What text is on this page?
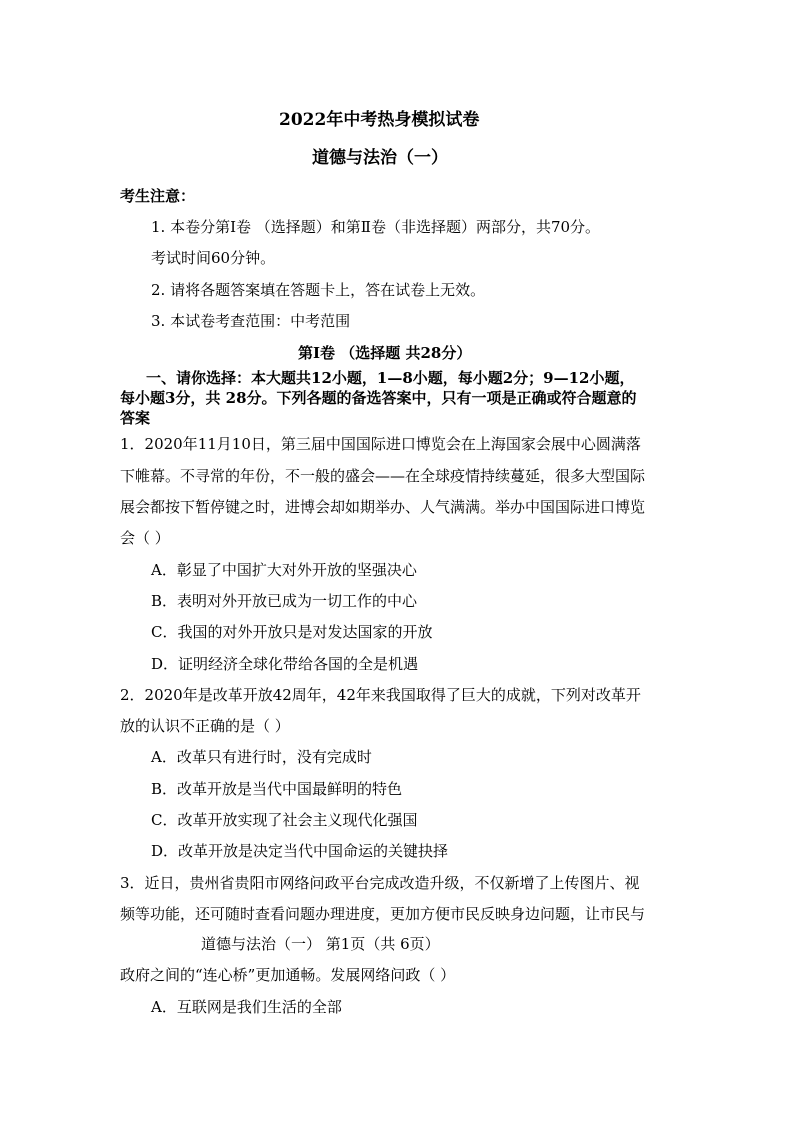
2022年中考热身模拟试卷
道德与法治（一）
考生注意：
1. 本卷分第Ⅰ卷 （选择题）和第Ⅱ卷（非选择题）两部分，共70分。
考试时间60分钟。
2. 请将各题答案填在答题卡上，答在试卷上无效。
3. 本试卷考查范围：中考范围
第Ⅰ卷 （选择题 共28分）
一、请你选择：本大题共12小题，1—8小题，每小题2分；9—12小题，
每小题3分，共 28分。下列各题的备选答案中，只有一项是正确或符合题意的
答案
1．2020年11月10日，第三届中国国际进口博览会在上海国家会展中心圆满落
下帷幕。不寻常的年份，不一般的盛会——在全球疫情持续蔓延，很多大型国际
展会都按下暂停键之时，进博会却如期举办、人气满满。举办中国国际进口博览
会（ ）
A．彰显了中国扩大对外开放的坚强决心
B．表明对外开放已成为一切工作的中心
C．我国的对外开放只是对发达国家的开放
D．证明经济全球化带给各国的全是机遇
2．2020年是改革开放42周年，42年来我国取得了巨大的成就，下列对改革开
放的认识不正确的是（ ）
A．改革只有进行时，没有完成时
B．改革开放是当代中国最鲜明的特色
C．改革开放实现了社会主义现代化强国
D．改革开放是决定当代中国命运的关键抉择
3．近日，贵州省贵阳市网络问政平台完成改造升级，不仅新增了上传图片、视
频等功能，还可随时查看问题办理进度，更加方便市民反映身边问题，让市民与
道德与法治（一） 第1页（共 6页）
政府之间的“连心桥”更加通畅。发展网络问政（ ）
A．互联网是我们生活的全部
